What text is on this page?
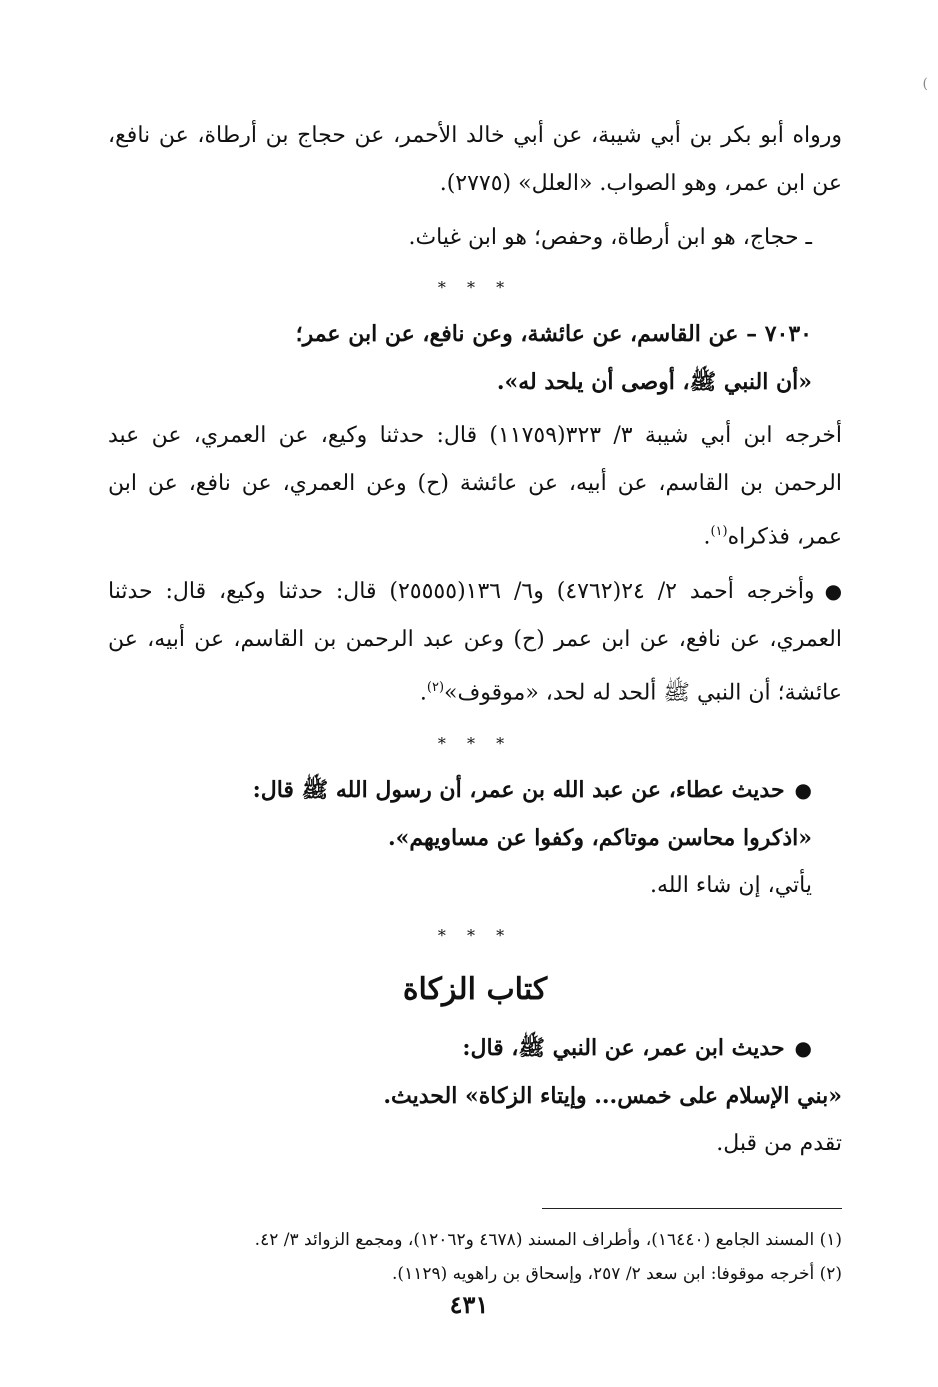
(

ورواه أبو بكر بن أبي شيبة، عن أبي خالد الأحمر، عن حجاج بن أرطاة، عن نافع، عن ابن عمر، وهو الصواب. «العلل» (٢٧٧٥).

ـ حجاج، هو ابن أرطاة، وحفص؛ هو ابن غياث.

* * *

٧٠٣٠ – عن القاسم، عن عائشة، وعن نافع، عن ابن عمر؛

«أن النبي ﷺ، أوصى أن يلحد له».

أخرجه ابن أبي شيبة ٣/ ٣٢٣(١١٧٥٩) قال: حدثنا وكيع، عن العمري، عن عبد الرحمن بن القاسم، عن أبيه، عن عائشة (ح) وعن العمري، عن نافع، عن ابن عمر، فذكراه$^{(١)}$.

●وأخرجه أحمد ٢/ ٢٤(٤٧٦٢) و٦/ ١٣٦(٢٥٥٥٥) قال: حدثنا وكيع، قال: حدثنا العمري، عن نافع، عن ابن عمر (ح) وعن عبد الرحمن بن القاسم، عن أبيه، عن عائشة؛ أن النبي ﷺ ألحد له لحد، «موقوف»$^{(٢)}$.

* * *

●حديث عطاء، عن عبد الله بن عمر، أن رسول الله ﷺ قال:

«اذكروا محاسن موتاكم، وكفوا عن مساويهم».

يأتي، إن شاء الله.

* * *

كتاب الزكاة

●حديث ابن عمر، عن النبي ﷺ، قال:

«بني الإسلام على خمس... وإيتاء الزكاة» الحديث.

تقدم من قبل.

(١) المسند الجامع (١٦٤٤٠)، وأطراف المسند (٤٦٧٨ و١٢٠٦٢)، ومجمع الزوائد ٣/ ٤٢.

(٢) أخرجه موقوفا: ابن سعد ٢/ ٢٥٧، وإسحاق بن راهويه (١١٢٩).

٤٣١
